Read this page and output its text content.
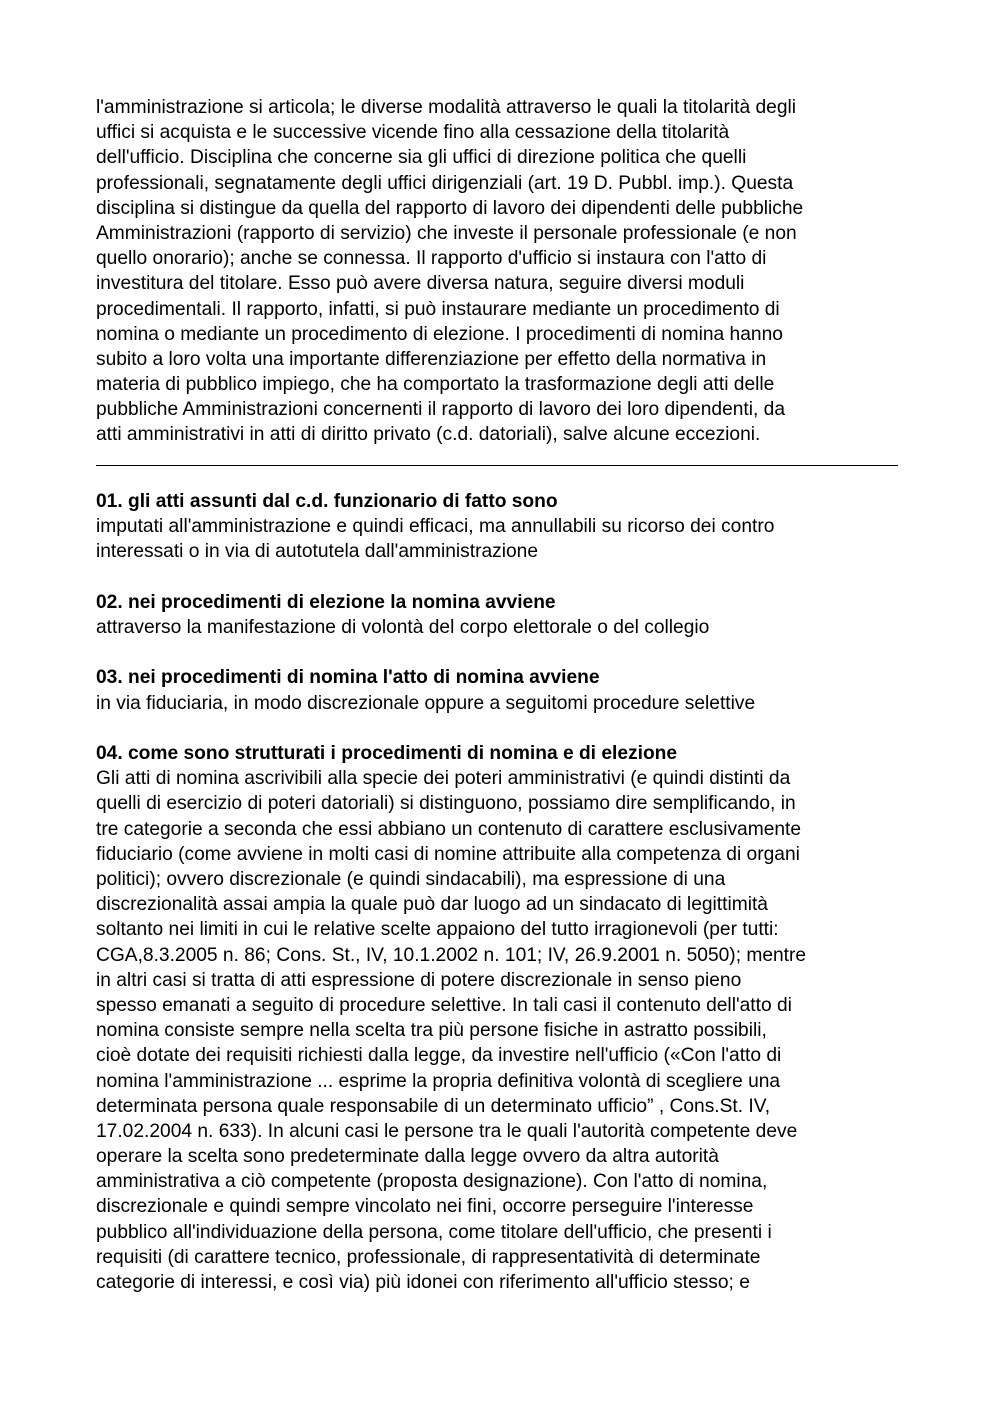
l'amministrazione si articola; le diverse modalità attraverso le quali la titolarità degli
uffici si acquista e le successive vicende fino alla cessazione della titolarità
dell'ufficio. Disciplina che concerne sia gli uffici di direzione politica che quelli
professionali, segnatamente degli uffici dirigenziali (art. 19 D. Pubbl. imp.). Questa
disciplina si distingue da quella del rapporto di lavoro dei dipendenti delle pubbliche
Amministrazioni (rapporto di servizio) che investe il personale professionale (e non
quello onorario); anche se connessa. Il rapporto d'ufficio si instaura con l'atto di
investitura del titolare. Esso può avere diversa natura, seguire diversi moduli
procedimentali. Il rapporto, infatti, si può instaurare mediante un procedimento di
nomina o mediante un procedimento di elezione. I procedimenti di nomina hanno
subito a loro volta una importante differenziazione per effetto della normativa in
materia di pubblico impiego, che ha comportato la trasformazione degli atti delle
pubbliche Amministrazioni concernenti il rapporto di lavoro dei loro dipendenti, da
atti amministrativi in atti di diritto privato (c.d. datoriali), salve alcune eccezioni.
01. gli atti assunti dal c.d. funzionario di fatto sono
imputati all'amministrazione e quindi efficaci, ma annullabili su ricorso dei contro
interessati o in via di autotutela dall'amministrazione
02. nei procedimenti di elezione la nomina avviene
attraverso la manifestazione di volontà del corpo elettorale o del collegio
03. nei procedimenti di nomina l'atto di nomina avviene
in via fiduciaria, in modo discrezionale oppure a seguitomi procedure selettive
04. come sono strutturati i procedimenti di nomina e di elezione
Gli atti di nomina ascrivibili alla specie dei poteri amministrativi (e quindi distinti da
quelli di esercizio di poteri datoriali) si distinguono, possiamo dire semplificando, in
tre categorie a seconda che essi abbiano un contenuto di carattere esclusivamente
fiduciario (come avviene in molti casi di nomine attribuite alla competenza di organi
politici); ovvero discrezionale (e quindi sindacabili), ma espressione di una
discrezionalità assai ampia la quale può dar luogo ad un sindacato di legittimità
soltanto nei limiti in cui le relative scelte appaiono del tutto irragionevoli (per tutti:
CGA,8.3.2005 n. 86; Cons. St., IV, 10.1.2002 n. 101; IV, 26.9.2001 n. 5050); mentre
in altri casi si tratta di atti espressione di potere discrezionale in senso pieno
spesso emanati a seguito di procedure selettive. In tali casi il contenuto dell'atto di
nomina consiste sempre nella scelta tra più persone fisiche in astratto possibili,
cioè dotate dei requisiti richiesti dalla legge, da investire nell'ufficio («Con l'atto di
nomina l'amministrazione ... esprime la propria definitiva volontà di scegliere una
determinata persona quale responsabile di un determinato ufficio” , Cons.St. IV,
17.02.2004 n. 633). In alcuni casi le persone tra le quali l'autorità competente deve
operare la scelta sono predeterminate dalla legge ovvero da altra autorità
amministrativa a ciò competente (proposta designazione). Con l'atto di nomina,
discrezionale e quindi sempre vincolato nei fini, occorre perseguire l'interesse
pubblico all'individuazione della persona, come titolare dell'ufficio, che presenti i
requisiti (di carattere tecnico, professionale, di rappresentatività di determinate
categorie di interessi, e così via) più idonei con riferimento all'ufficio stesso; e
